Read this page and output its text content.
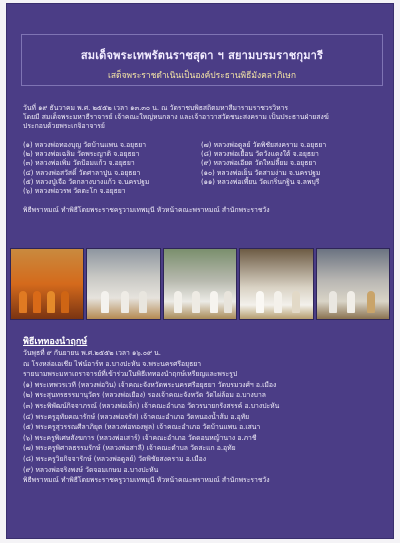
สมเด็จพระเทพรัตนราชสุดา ฯ สยามบรมราชกุมารี
เสด็จพระราชดำเนินเป็นองค์ประธานพิธีมังคลาภิเษก

วันที่ ๑๙ ธันวาคม พ.ศ. ๒๕๕๒ เวลา ๑๓.๓๐ น. ณ วัดราชบพิธสถิตมหาสีมารามราชวรวิหาร

โดยมี สมเด็จพระมหาธีราจารย์ เจ้าคณะใหญ่หนกลาง และเจ้าอาวาสวัดชนะสงคราม เป็นประธานฝ่ายสงฆ์

ประกอบด้วยพระเกจิอาจารย์

(๑) หลวงพ่อทองบุญ วัดบ้านแพน จ.อยุธยา

(๒) หลวงพ่อเฉลิม วัดพระญาติ จ.อยุธยา

(๓) หลวงพ่อเพิ่ม วัดป้อมแก้ว จ.อยุธยา

(๔) หลวงพ่อสวัสดิ์ วัดศาลาปูน จ.อยุธยา

(๕) หลวงปู่เจือ วัดกลางบางแก้ว จ.นครปฐม

(๖) หลวงพ่อวรพ วัดตะโก จ.อยุธยา

(๗) หลวงพ่อดูลย์ วัดพิชัยสงคราม จ.อยุธยา

(๘) หลวงพ่อเยื้อน วัดวังแดงใต้ จ.อยุธยา

(๙) หลวงพ่อเอียด วัดใหม่ลี้ยม จ.อยุธยา

(๑๐) หลวงพ่อเย็น วัดสามง่าม จ.นครปฐม

(๑๑) หลวงพ่อเพี้ยน วัดเกริ่นกฐิน จ.ลพบุรี

พิธีพราหมณ์ ทำพิธีโดยพระราชครูวามเทพมุนี หัวหน้าคณะพราหมณ์ สำนักพระราชวัง
พิธีเททองนำฤกษ์

วันพุธที่ ๙ กันยายน พ.ศ.๒๕๕๒ เวลา ๑๖.๐๙ น.

ณ โรงหล่อเอเชีย ไฟน์อาร์ท อ.บางปะหัน จ.พระนครศรีอยุธยา

รายนามพระมหาเถราจารย์ที่เข้าร่วมในพิธีเททองนำฤกษ์เหรียญและพระรูป

(๑) พระเทพวรเวที (หลวงพ่อวิน) เจ้าคณะจังหวัดพระนครศรีอยุธยา วัดบรมวงศ์ฯ อ.เมือง

(๒) พระสุนทรธรรมานุวัตร (หลวงพ่อเยือง) รองเจ้าคณะจังหวัด วัดไผ่ล้อม อ.บางบาล

(๓) พระพิพัฒน์กิจจาภรณ์ (หลวงพ่อเล็ก) เจ้าคณะอำเภอ วัดวรนายกรังสรรค์ อ.บางปะหัน

(๔) พระครูอุทัยคณารักษ์ (หลวงพ่อจรัส) เจ้าคณะอำเภอ วัดหนองน้ำส้ม อ.อุทัย

(๕) พระครูสุวรรณศีลาภิยุต (หลวงพ่อทองพูล) เจ้าคณะอำเภอ วัดบ้านแพน อ.เสนา

(๖) พระครูพิเศษสังฆการ (หลวงพ่อเสาร์) เจ้าคณะอำเภอ วัดดอนหญ้านาง อ.ภาชี

(๗) พระครูพิศาลธรรมรักษ์ (หลวงพ่อสาลี) เจ้าคณะตำบล วัดสะแก อ.อุทัย

(๘) พระครูวิยกิจจารักษ์ (หลวงพ่อดูลย์) วัดพิชัยสงคราม อ.เมือง

(๙) หลวงพ่อจริงพงษ์ วัดจอมเกษม อ.บางปะหัน

พิธีพราหมณ์ ทำพิธีโดยพระราชครูวามเทพมุนี หัวหน้าคณะพราหมณ์ สำนักพระราชวัง
